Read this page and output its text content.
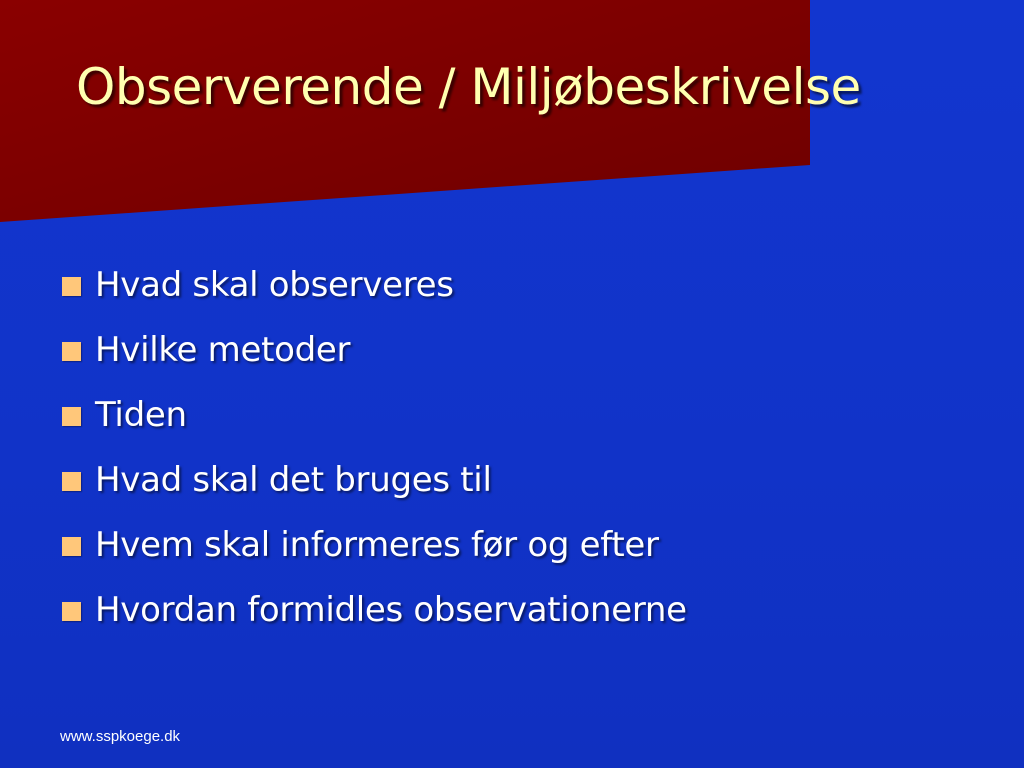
Observerende / Miljøbeskrivelse
Hvad skal observeres
Hvilke metoder
Tiden
Hvad skal det bruges til
Hvem skal informeres før og efter
Hvordan formidles observationerne
www.sspkoege.dk
